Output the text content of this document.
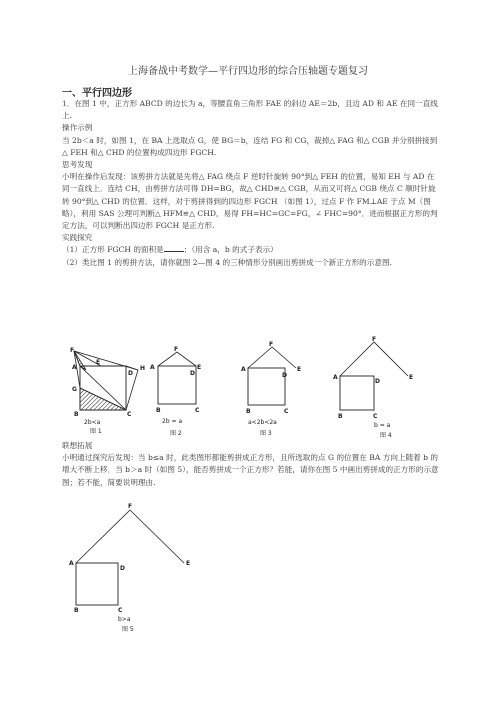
上海备战中考数学—平行四边形的综合压轴题专题复习
一、平行四边形

1．在图 1 中，正方形 ABCD 的边长为 a，等腰直角三角形 FAE 的斜边 AE＝2b，且边 AD 和 AE 在同一直线上.

操作示例

当 2b＜a 时，如图 1，在 BA 上选取点 G，使 BG＝b，连结 FG 和 CG，裁掉△ FAG 和△ CGB 并分别拼接到△ FEH 和△ CHD 的位置构成四边形 FGCH.

思考发现

小明在操作后发现：该剪拼方法就是先将△ FAG 绕点 F 逆时针旋转 90°到△ FEH 的位置，易知 EH 与 AD 在同一直线上．连结 CH，由剪拼方法可得 DH=BG，故△ CHD≌△ CGB，从而又可将△ CGB 绕点 C 顺时针旋转 90°到△ CHD 的位置．这样，对于剪拼得到的四边形 FGCH （如图 1），过点 F 作 FM⊥AE 于点 M（图略），利用 SAS 公理可判断△ HFM≌△ CHD，易得 FH=HC=GC=FG，∠ FHC=90°．进而根据正方形的判定方法，可以判断出四边形 FGCH 是正方形.

实践探究

（1）正方形 FGCH 的面积是	；（用含 a，b 的式子表示）

（2）类比图 1 的剪拼方法，请你就图 2—图 4 的三种情形分别画出剪拼成一个新正方形的示意图.

F
A
E
H
D
G
B	C
2b<a
图 1
F
A	E
D
B	C
2b = a
图 2
F
A	E
D
B	C
a<2b<2a
图 3
F
A	E
D
B	C
b = a
图 4

联想拓展

小明通过探究后发现：当 b≤a 时，此类图形都能剪拼成正方形，且所选取的点 G 的位置在 BA 方向上随着 b 的增大不断上移．当 b＞a 时（如图 5），能否剪拼成一个正方形？若能，请你在图 5 中画出剪拼成的正方形的示意图；若不能，简要说明理由.

F
A	E
D
B	C
b>a
图 5
